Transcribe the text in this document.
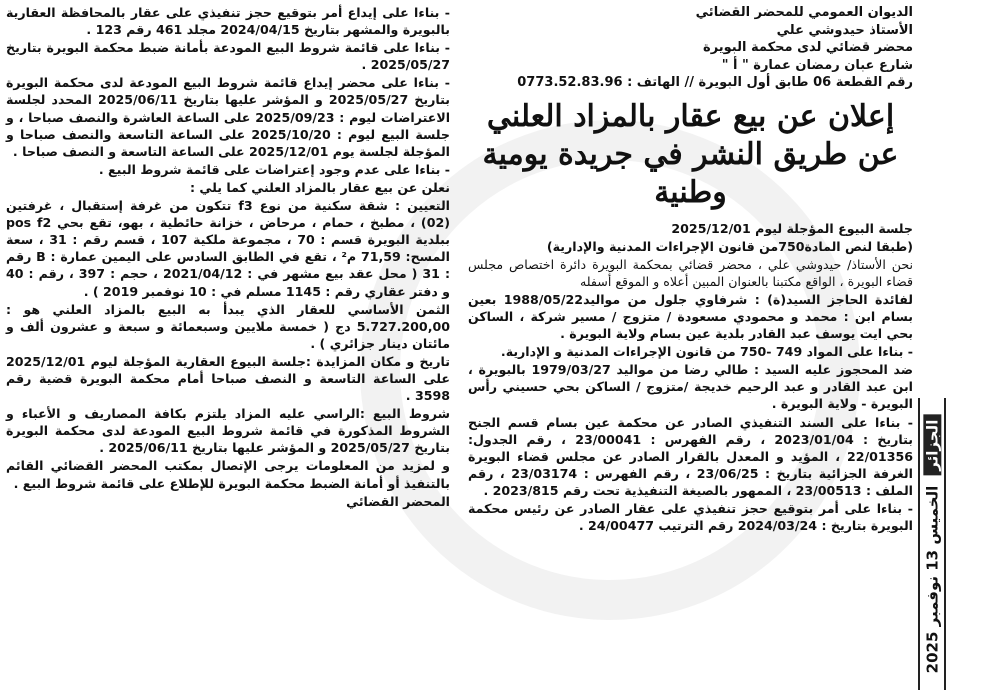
الديوان العمومي للمحضر القضائي

الأستاذ حيدوشي علي

محضر قضائي لدى محكمة البويرة

شارع عبان رمضان عمارة " أ "

رقم القطعة 06 طابق أول البويرة // الهاتف : 0773.52.83.96

إعلان عن بيع عقار بالمزاد العلني عن طريق النشر في جريدة يومية وطنية

جلسة البيوع المؤجلة ليوم 2025/12/01

(طبقا لنص المادة750من قانون الإجراءات المدنية والإدارية)

نحن الأستاذ/ حيدوشي علي ، محضر قضائي بمحكمة البويرة دائرة اختصاص مجلس قضاء البويرة ، الواقع مكتبنا بالعنوان المبين أعلاه و الموقع أسفله

لفائدة الحاجز السيد(ة) : شرفاوي جلول من مواليد1988/05/22 بعين بسام ابن : محمد و محمودي مسعودة / متزوج / مسير شركة ، الساكن بحي ايت يوسف عبد القادر بلدية عين بسام ولاية البويرة .

- بناءا على المواد 749 -750 من قانون الإجراءات المدنية و الإدارية.

ضد المحجوز عليه السيد : طالي رضا من مواليد 1979/03/27 بالبويرة ، ابن عبد القادر و عبد الرحيم خديجة /متزوج / الساكن بحي حسيني رأس البويرة - ولاية البويرة .

- بناءا على السند التنفيذي الصادر عن محكمة عين بسام قسم الجنح بتاريخ : 2023/01/04 ، رقم الفهرس : 23/00041 ، رقم الجدول: 22/01356 ، المؤيد و المعدل بالقرار الصادر عن مجلس قضاء البويرة الغرفة الجزائية بتاريخ : 23/06/25 ، رقم الفهرس : 23/03174 ، رقم الملف : 23/00513 ، الممهور بالصيغة التنفيذية تحت رقم 2023/815 .

- بناءا على أمر بتوقيع حجز تنفيذي على عقار الصادر عن رئيس محكمة البويرة بتاريخ : 2024/03/24 رقم الترتيب 24/00477 .

- بناءا على إيداع أمر بتوقيع حجز تنفيذي على عقار بالمحافظة العقارية بالبويرة والمشهر بتاريخ 2024/04/15 مجلد 461 رقم 123 .

- بناءا على قائمة شروط البيع المودعة بأمانة ضبط محكمة البويرة بتاريخ 2025/05/27 .

- بناءا على محضر إيداع قائمة شروط البيع المودعة لدى محكمة البويرة بتاريخ 2025/05/27 و المؤشر عليها بتاريخ 2025/06/11 المحدد لجلسة الاعتراضات ليوم : 2025/09/23 على الساعة العاشرة والنصف صباحا ، و جلسة البيع ليوم : 2025/10/20 على الساعة التاسعة والنصف صباحا و المؤجلة لجلسة يوم 2025/12/01 على الساعة التاسعة و النصف صباحا .

- بناءا على عدم وجود إعتراضات على قائمة شروط البيع .

نعلن عن بيع عقار بالمزاد العلني كما يلي :

التعيين : شقة سكنية من نوع f3 تتكون من غرفة إستقبال ، غرفتين (02) ، مطبخ ، حمام ، مرحاض ، خزانة حائطية ، بهو، تقع بحي pos f2 ببلدية البويرة قسم : 70 ، مجموعة ملكية 107 ، قسم رقم : 31 ، سعة المسح: 71,59 م² ، تقع في الطابق السادس على اليمين عمارة : B رقم : 31 ( محل عقد بيع مشهر في : 2021/04/12 ، حجم : 397 ، رقم : 40 و دفتر عقاري رقم : 1145 مسلم في : 10 نوفمبر 2019 ) .

الثمن الأساسي للعقار الذي يبدأ به البيع بالمزاد العلني هو : 5.727.200,00 دج ( خمسة ملايين وسبعمائة و سبعة و عشرون ألف و مائتان دينار جزائري ) .

تاريخ و مكان المزايدة :جلسة البيوع العقارية المؤجلة ليوم 2025/12/01 على الساعة التاسعة و النصف صباحا أمام محكمة البويرة قضية رقم 3598 .

شروط البيع :الراسي عليه المزاد يلتزم بكافة المصاريف و الأعباء و الشروط المذكورة في قائمة شروط البيع المودعة لدى محكمة البويرة بتاريخ 2025/05/27 و المؤشر عليها بتاريخ 2025/06/11 .

و لمزيد من المعلومات يرجى الإتصال بمكتب المحضر القضائي القائم بالتنفيذ أو أمانة الضبط محكمة البويرة للإطلاع على قائمة شروط البيع .

المحضر القضائي

الخميس 13 نوفمبر 2025
الجزائر
